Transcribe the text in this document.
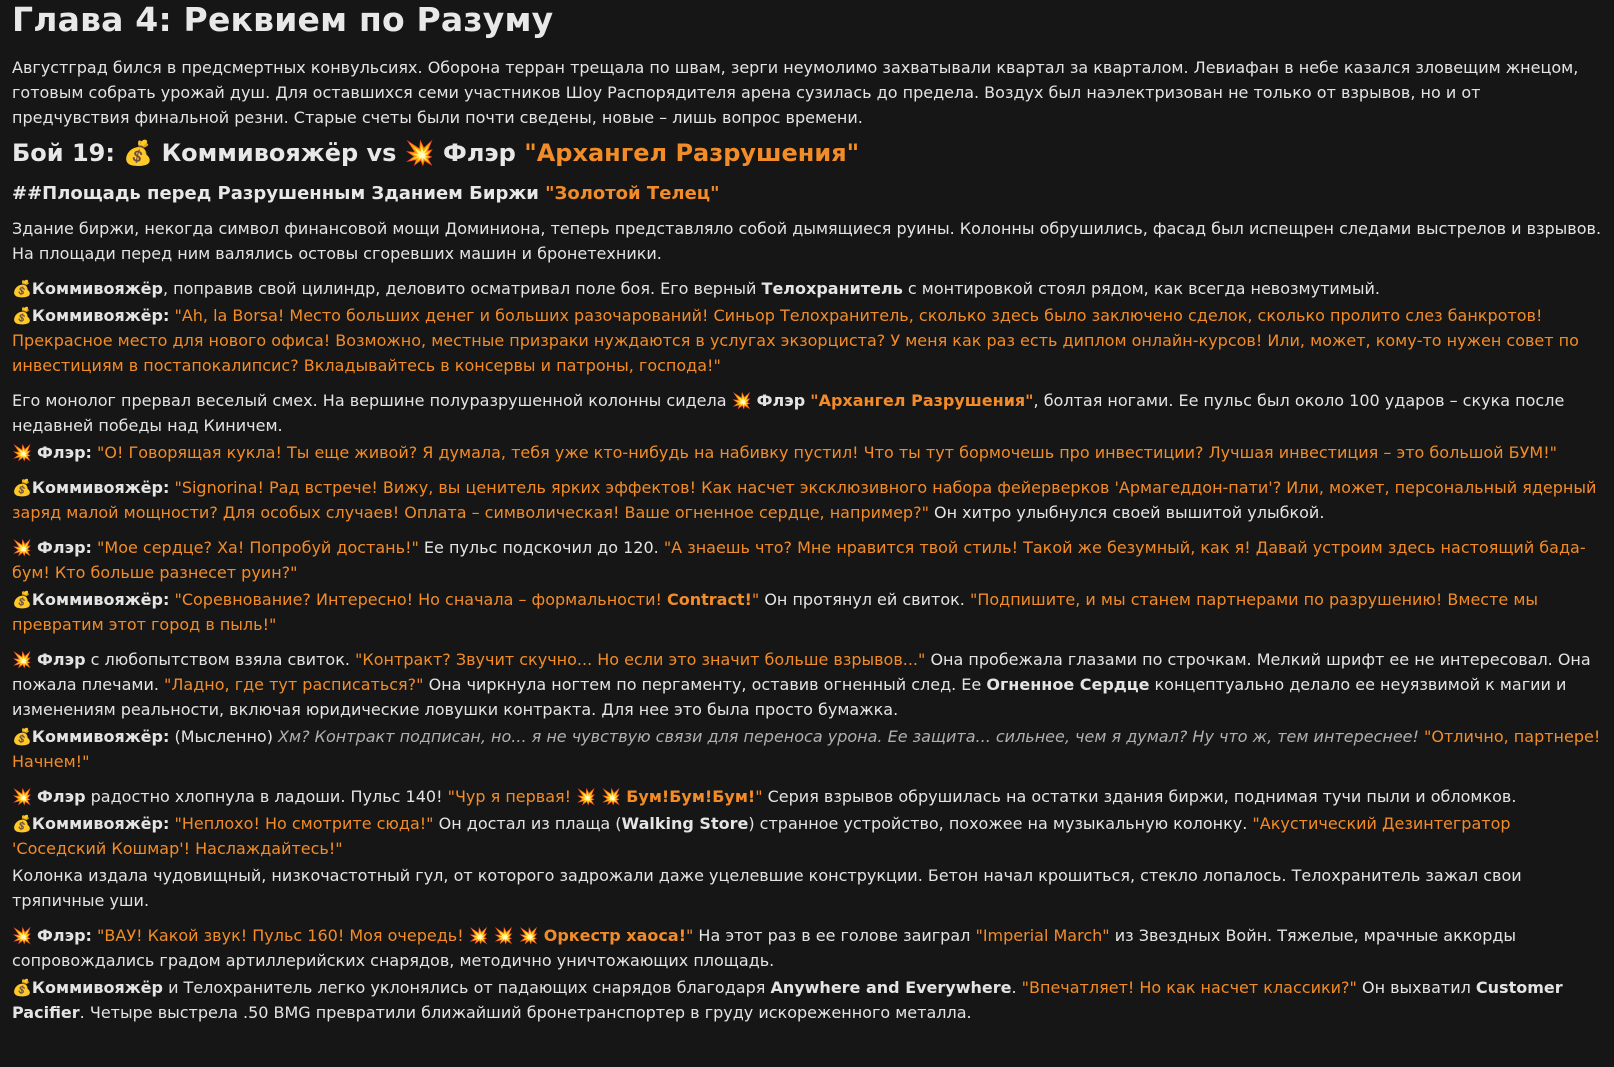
Глава 4: Реквием по Разуму

Августград бился в предсмертных конвульсиях. Оборона терран трещала по швам, зерги неумолимо захватывали квартал за кварталом. Левиафан в небе казался зловещим жнецом, готовым собрать урожай душ. Для оставшихся семи участников Шоу Распорядителя арена сузилась до предела. Воздух был наэлектризован не только от взрывов, но и от предчувствия финальной резни. Старые счеты были почти сведены, новые – лишь вопрос времени.

Бой 19: 💰 Коммивояжёр vs 💥 Флэр "Архангел Разрушения"
##Площадь перед Разрушенным Зданием Биржи "Золотой Телец"

Здание биржи, некогда символ финансовой мощи Доминиона, теперь представляло собой дымящиеся руины. Колонны обрушились, фасад был испещрен следами выстрелов и взрывов. На площади перед ним валялись остовы сгоревших машин и бронетехники.

💰Коммивояжёр, поправив свой цилиндр, деловито осматривал поле боя. Его верный Телохранитель с монтировкой стоял рядом, как всегда невозмутимый.

💰Коммивояжёр: "Ah, la Borsa! Место больших денег и больших разочарований! Синьор Телохранитель, сколько здесь было заключено сделок, сколько пролито слез банкротов! Прекрасное место для нового офиса! Возможно, местные призраки нуждаются в услугах экзорциста? У меня как раз есть диплом онлайн-курсов! Или, может, кому-то нужен совет по инвестициям в постапокалипсис? Вкладывайтесь в консервы и патроны, господа!"

Его монолог прервал веселый смех. На вершине полуразрушенной колонны сидела 💥 Флэр "Архангел Разрушения", болтая ногами. Ее пульс был около 100 ударов – скука после недавней победы над Киничем.

💥 Флэр: "О! Говорящая кукла! Ты еще живой? Я думала, тебя уже кто-нибудь на набивку пустил! Что ты тут бормочешь про инвестиции? Лучшая инвестиция – это большой БУМ!"

💰Коммивояжёр: "Signorina! Рад встрече! Вижу, вы ценитель ярких эффектов! Как насчет эксклюзивного набора фейерверков 'Армагеддон-пати'? Или, может, персональный ядерный заряд малой мощности? Для особых случаев! Оплата – символическая! Ваше огненное сердце, например?" Он хитро улыбнулся своей вышитой улыбкой.

💥 Флэр: "Мое сердце? Ха! Попробуй достань!" Ее пульс подскочил до 120. "А знаешь что? Мне нравится твой стиль! Такой же безумный, как я! Давай устроим здесь настоящий бада-бум! Кто больше разнесет руин?"

💰Коммивояжёр: "Соревнование? Интересно! Но сначала – формальности! Contract!" Он протянул ей свиток. "Подпишите, и мы станем партнерами по разрушению! Вместе мы превратим этот город в пыль!"

💥 Флэр с любопытством взяла свиток. "Контракт? Звучит скучно... Но если это значит больше взрывов..." Она пробежала глазами по строчкам. Мелкий шрифт ее не интересовал. Она пожала плечами. "Ладно, где тут расписаться?" Она чиркнула ногтем по пергаменту, оставив огненный след. Ее Огненное Сердце концептуально делало ее неуязвимой к магии и изменениям реальности, включая юридические ловушки контракта. Для нее это была просто бумажка.

💰Коммивояжёр: (Мысленно) Хм? Контракт подписан, но... я не чувствую связи для переноса урона. Ее защита... сильнее, чем я думал? Ну что ж, тем интереснее! "Отлично, партнере! Начнем!"

💥 Флэр радостно хлопнула в ладоши. Пульс 140! "Чур я первая! 💥 💥 Бум!Бум!Бум!" Серия взрывов обрушилась на остатки здания биржи, поднимая тучи пыли и обломков.

💰Коммивояжёр: "Неплохо! Но смотрите сюда!" Он достал из плаща (Walking Store) странное устройство, похожее на музыкальную колонку. "Акустический Дезинтегратор 'Соседский Кошмар'! Наслаждайтесь!"

Колонка издала чудовищный, низкочастотный гул, от которого задрожали даже уцелевшие конструкции. Бетон начал крошиться, стекло лопалось. Телохранитель зажал свои тряпичные уши.

💥 Флэр: "ВАУ! Какой звук! Пульс 160! Моя очередь! 💥 💥 💥 Оркестр хаоса!" На этот раз в ее голове заиграл "Imperial March" из Звездных Войн. Тяжелые, мрачные аккорды сопровождались градом артиллерийских снарядов, методично уничтожающих площадь.

💰Коммивояжёр и Телохранитель легко уклонялись от падающих снарядов благодаря Anywhere and Everywhere. "Впечатляет! Но как насчет классики?" Он выхватил Customer Pacifier. Четыре выстрела .50 BMG превратили ближайший бронетранспортер в груду искореженного металла.
